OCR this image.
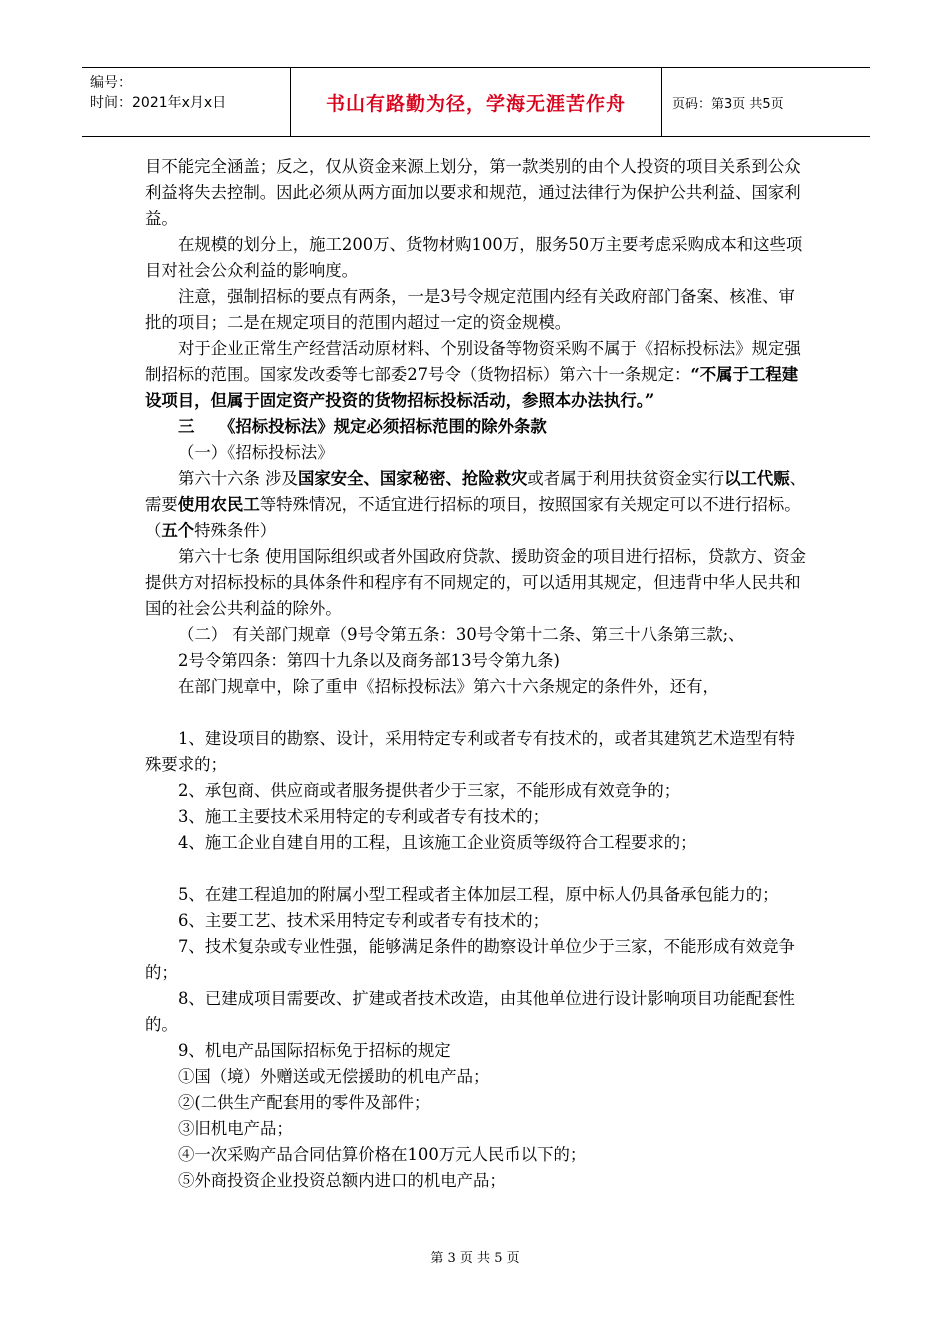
编号：
时间：2021年x月x日	书山有路勤为径，学海无涯苦作舟	页码：第3页 共5页

目不能完全涵盖；反之，仅从资金来源上划分，第一款类别的由个人投资的项目关系到公众利益将失去控制。因此必须从两方面加以要求和规范，通过法律行为保护公共利益、国家利益。

在规模的划分上，施工200万、货物材购100万，服务50万主要考虑采购成本和这些项目对社会公众利益的影响度。

注意，强制招标的要点有两条，一是3号令规定范围内经有关政府部门备案、核准、审批的项目；二是在规定项目的范围内超过一定的资金规模。

对于企业正常生产经营活动原材料、个别设备等物资采购不属于《招标投标法》规定强制招标的范围。国家发改委等七部委27号令（货物招标）第六十一条规定：“不属于工程建设项目，但属于固定资产投资的货物招标投标活动，参照本办法执行。”

三　　《招标投标法》规定必须招标范围的除外条款

（一）《招标投标法》

第六十六条 涉及国家安全、国家秘密、抢险救灾或者属于利用扶贫资金实行以工代赈、需要使用农民工等特殊情况，不适宜进行招标的项目，按照国家有关规定可以不进行招标。　（五个特殊条件）

第六十七条 使用国际组织或者外国政府贷款、援助资金的项目进行招标，贷款方、资金提供方对招标投标的具体条件和程序有不同规定的，可以适用其规定，但违背中华人民共和国的社会公共利益的除外。

（二） 有关部门规章（9号令第五条：30号令第十二条、第三十八条第三款;、

2号令第四条：第四十九条以及商务部13号令第九条)

在部门规章中，除了重申《招标投标法》第六十六条规定的条件外，还有，

1、建设项目的勘察、设计，采用特定专利或者专有技术的，或者其建筑艺术造型有特殊要求的；

2、承包商、供应商或者服务提供者少于三家，不能形成有效竞争的；

3、施工主要技术采用特定的专利或者专有技术的；

4、施工企业自建自用的工程，且该施工企业资质等级符合工程要求的；

5、在建工程追加的附属小型工程或者主体加层工程，原中标人仍具备承包能力的；

6、主要工艺、技术采用特定专利或者专有技术的；

7、技术复杂或专业性强，能够满足条件的勘察设计单位少于三家，不能形成有效竞争的；

8、已建成项目需要改、扩建或者技术改造，由其他单位进行设计影响项目功能配套性的。

9、机电产品国际招标免于招标的规定

①国（境）外赠送或无偿援助的机电产品；

②(二供生产配套用的零件及部件；

③旧机电产品；

④一次采购产品合同估算价格在100万元人民币以下的；

⑤外商投资企业投资总额内进口的机电产品；

第 3 页 共 5 页
